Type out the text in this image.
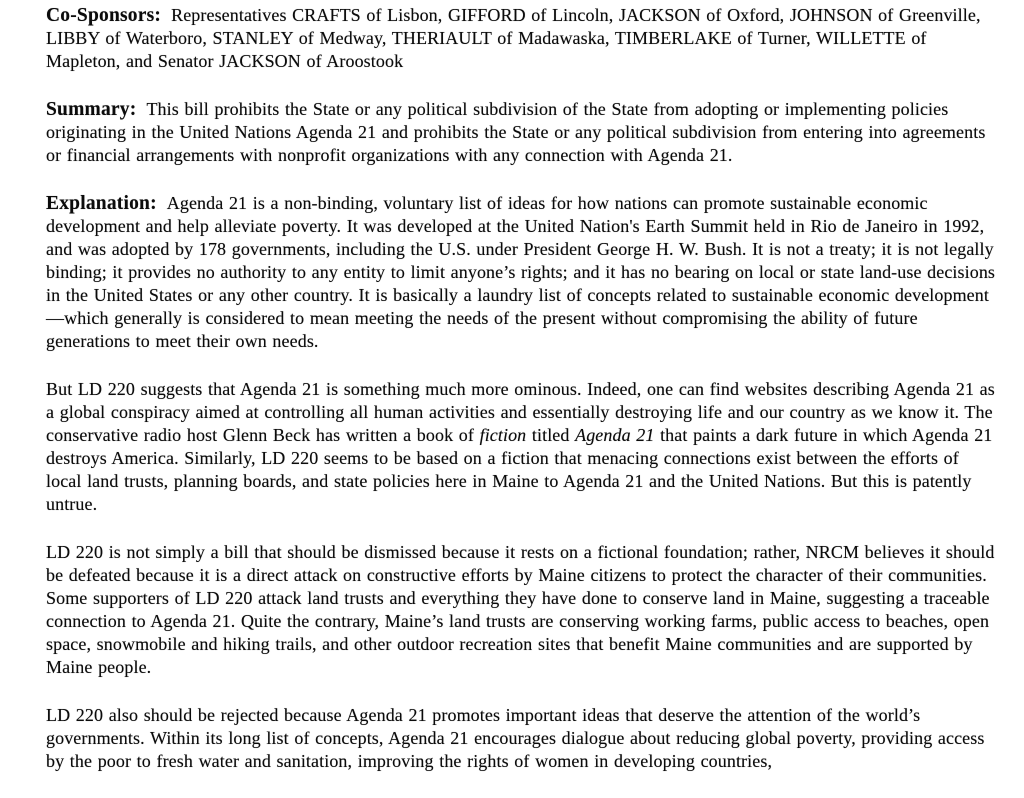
Co-Sponsors: Representatives CRAFTS of Lisbon, GIFFORD of Lincoln, JACKSON of Oxford, JOHNSON of Greenville, LIBBY of Waterboro, STANLEY of Medway, THERIAULT of Madawaska, TIMBERLAKE of Turner, WILLETTE of Mapleton, and Senator JACKSON of Aroostook

Summary: This bill prohibits the State or any political subdivision of the State from adopting or implementing policies originating in the United Nations Agenda 21 and prohibits the State or any political subdivision from entering into agreements or financial arrangements with nonprofit organizations with any connection with Agenda 21.

Explanation: Agenda 21 is a non-binding, voluntary list of ideas for how nations can promote sustainable economic development and help alleviate poverty. It was developed at the United Nation's Earth Summit held in Rio de Janeiro in 1992, and was adopted by 178 governments, including the U.S. under President George H. W. Bush. It is not a treaty; it is not legally binding; it provides no authority to any entity to limit anyone’s rights; and it has no bearing on local or state land-use decisions in the United States or any other country. It is basically a laundry list of concepts related to sustainable economic development—which generally is considered to mean meeting the needs of the present without compromising the ability of future generations to meet their own needs.

But LD 220 suggests that Agenda 21 is something much more ominous. Indeed, one can find websites describing Agenda 21 as a global conspiracy aimed at controlling all human activities and essentially destroying life and our country as we know it. The conservative radio host Glenn Beck has written a book of fiction titled Agenda 21 that paints a dark future in which Agenda 21 destroys America. Similarly, LD 220 seems to be based on a fiction that menacing connections exist between the efforts of local land trusts, planning boards, and state policies here in Maine to Agenda 21 and the United Nations. But this is patently untrue.

LD 220 is not simply a bill that should be dismissed because it rests on a fictional foundation; rather, NRCM believes it should be defeated because it is a direct attack on constructive efforts by Maine citizens to protect the character of their communities. Some supporters of LD 220 attack land trusts and everything they have done to conserve land in Maine, suggesting a traceable connection to Agenda 21. Quite the contrary, Maine’s land trusts are conserving working farms, public access to beaches, open space, snowmobile and hiking trails, and other outdoor recreation sites that benefit Maine communities and are supported by Maine people.

LD 220 also should be rejected because Agenda 21 promotes important ideas that deserve the attention of the world’s governments. Within its long list of concepts, Agenda 21 encourages dialogue about reducing global poverty, providing access by the poor to fresh water and sanitation, improving the rights of women in developing countries,
